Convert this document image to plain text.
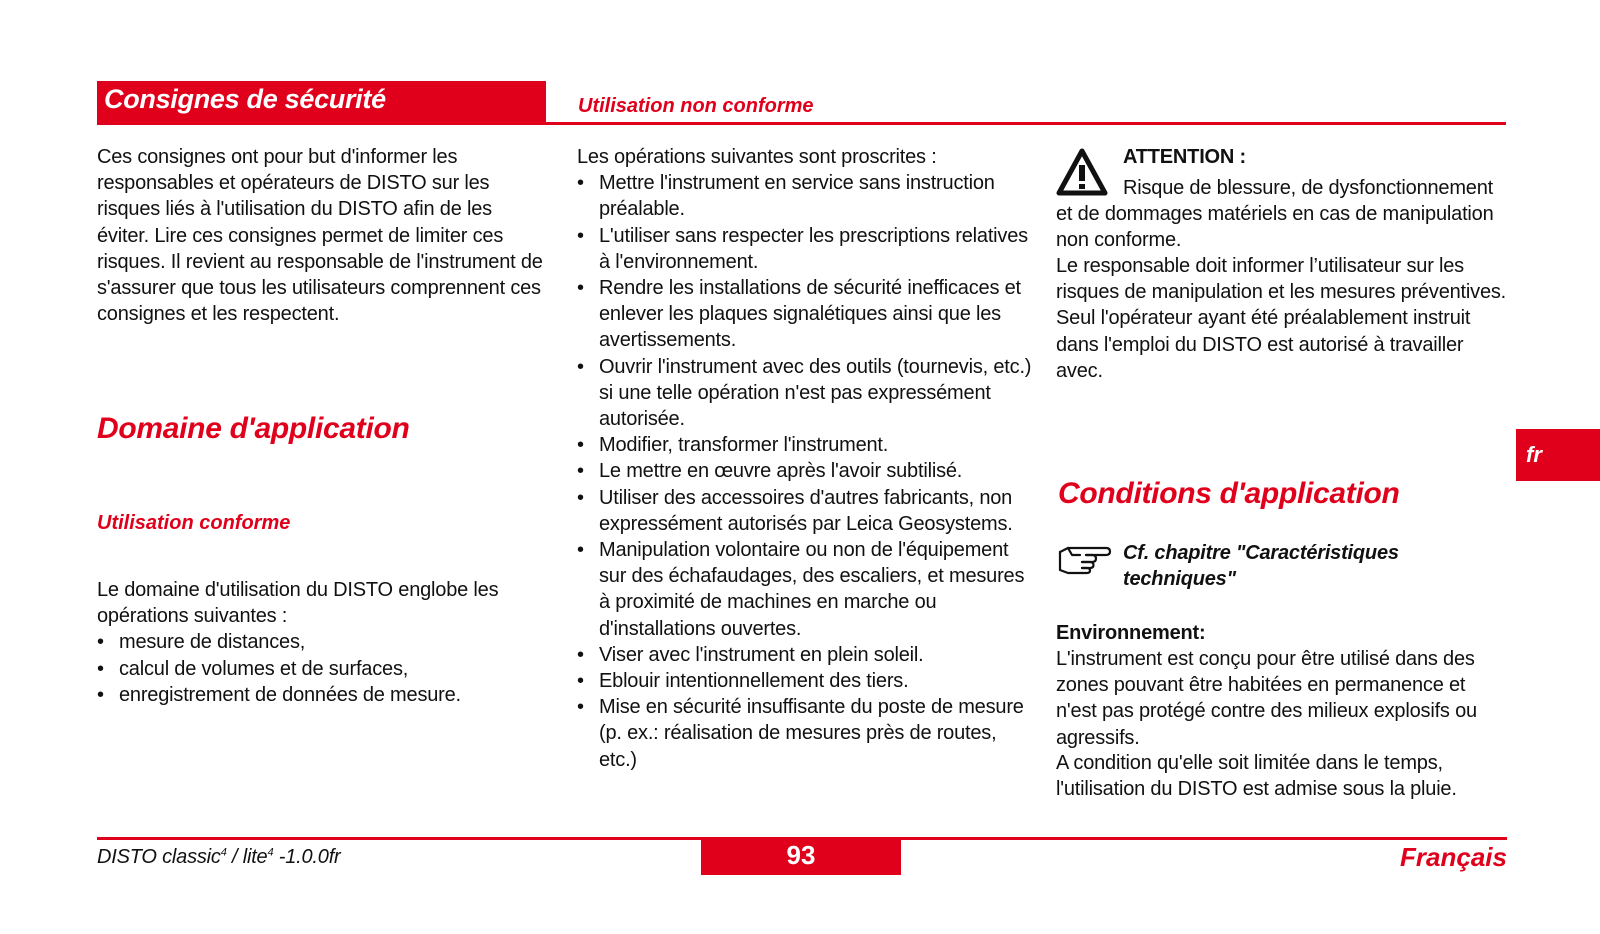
Consignes de sécurité	Utilisation non conforme
Ces consignes ont pour but d'informer les responsables et opérateurs de DISTO sur les risques liés à l'utilisation du DISTO afin de les éviter. Lire ces consignes permet de limiter ces risques. Il revient au responsable de l'instrument de s'assurer que tous les utilisateurs comprennent ces consignes et les respectent.
Domaine d'application
Utilisation conforme

Le domaine d'utilisation du DISTO englobe les opérations suivantes :

• mesure de distances,
• calcul de volumes et de surfaces,
• enregistrement de données de mesure.

Les opérations suivantes sont proscrites :

• Mettre l'instrument en service sans instruction préalable.
• L'utiliser sans respecter les prescriptions relatives à l'environnement.
• Rendre les installations de sécurité inefficaces et enlever les plaques signalétiques ainsi que les avertissements.
• Ouvrir l'instrument avec des outils (tournevis, etc.) si une telle opération n'est pas expressément autorisée.
• Modifier, transformer l'instrument.
• Le mettre en œuvre après l'avoir subtilisé.
• Utiliser des accessoires d'autres fabricants, non expressément autorisés par Leica Geosystems.
• Manipulation volontaire ou non de l'équipement sur des échafaudages, des escaliers, et mesures à proximité de machines en marche ou d'installations ouvertes.
• Viser avec l'instrument en plein soleil.
• Eblouir intentionnellement des tiers.
• Mise en sécurité insuffisante du poste de mesure (p. ex.: réalisation de mesures près de routes, etc.)
ATTENTION :
Risque de blessure, de dysfonctionnement
et de dommages matériels en cas de manipulation non conforme.
Le responsable doit informer l’utilisateur sur les risques de manipulation et les mesures préventives. Seul l'opérateur ayant été préalablement instruit dans l'emploi du DISTO est autorisé à travailler avec.
Conditions d'application
Cf. chapitre "Caractéristiques techniques"
Environnement:
L'instrument est conçu pour être utilisé dans des zones pouvant être habitées en permanence et n'est pas protégé contre des milieux explosifs ou agressifs.
A condition qu'elle soit limitée dans le temps, l'utilisation du DISTO est admise sous la pluie.
fr
93
DISTO classic$^4$ / lite$^4$ -1.0.0fr	Français
